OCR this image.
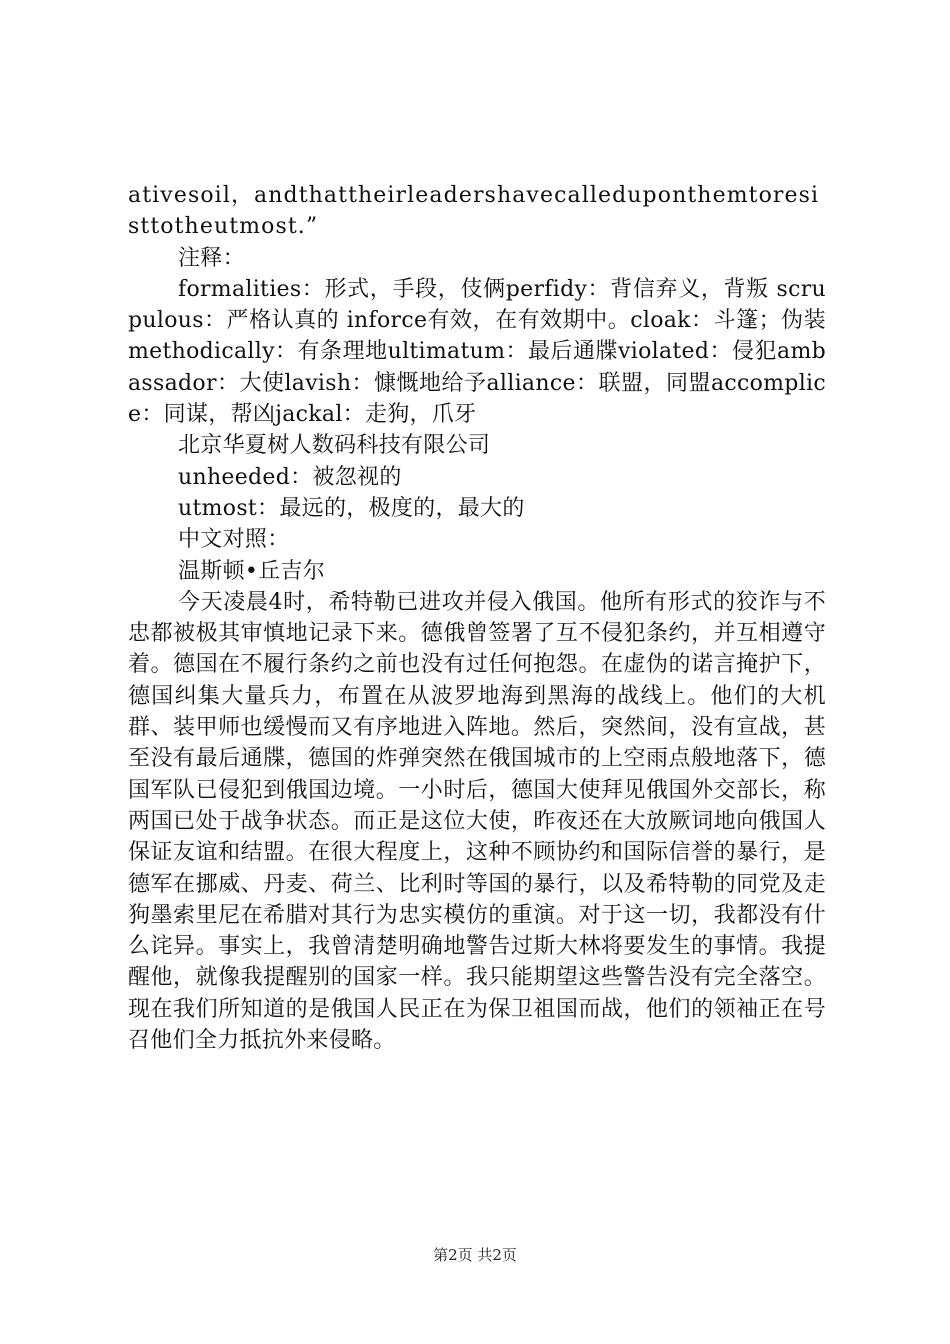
ativesoil，andthattheirleadershavecalleduponthemtoresisttotheutmost.”

注释：

formalities：形式，手段，伎俩perfidy：背信弃义，背叛 scrupulous：严格认真的 inforce有效，在有效期中。cloak：斗篷；伪装methodically：有条理地ultimatum：最后通牒violated：侵犯ambassador：大使lavish：慷慨地给予alliance：联盟，同盟accomplice：同谋，帮凶jackal：走狗，爪牙

北京华夏树人数码科技有限公司

unheeded：被忽视的

utmost：最远的，极度的，最大的

中文对照：

温斯顿•丘吉尔

今天凌晨4时，希特勒已进攻并侵入俄国。他所有形式的狡诈与不忠都被极其审慎地记录下来。德俄曾签署了互不侵犯条约，并互相遵守着。德国在不履行条约之前也没有过任何抱怨。在虚伪的诺言掩护下，德国纠集大量兵力，布置在从波罗地海到黑海的战线上。他们的大机群、装甲师也缓慢而又有序地进入阵地。然后，突然间，没有宣战，甚至没有最后通牒，德国的炸弹突然在俄国城市的上空雨点般地落下，德国军队已侵犯到俄国边境。一小时后，德国大使拜见俄国外交部长，称两国已处于战争状态。而正是这位大使，昨夜还在大放厥词地向俄国人保证友谊和结盟。在很大程度上，这种不顾协约和国际信誉的暴行，是德军在挪威、丹麦、荷兰、比利时等国的暴行，以及希特勒的同党及走狗墨索里尼在希腊对其行为忠实模仿的重演。对于这一切，我都没有什么诧异。事实上，我曾清楚明确地警告过斯大林将要发生的事情。我提醒他，就像我提醒别的国家一样。我只能期望这些警告没有完全落空。现在我们所知道的是俄国人民正在为保卫祖国而战，他们的领袖正在号召他们全力抵抗外来侵略。

第2页 共2页
